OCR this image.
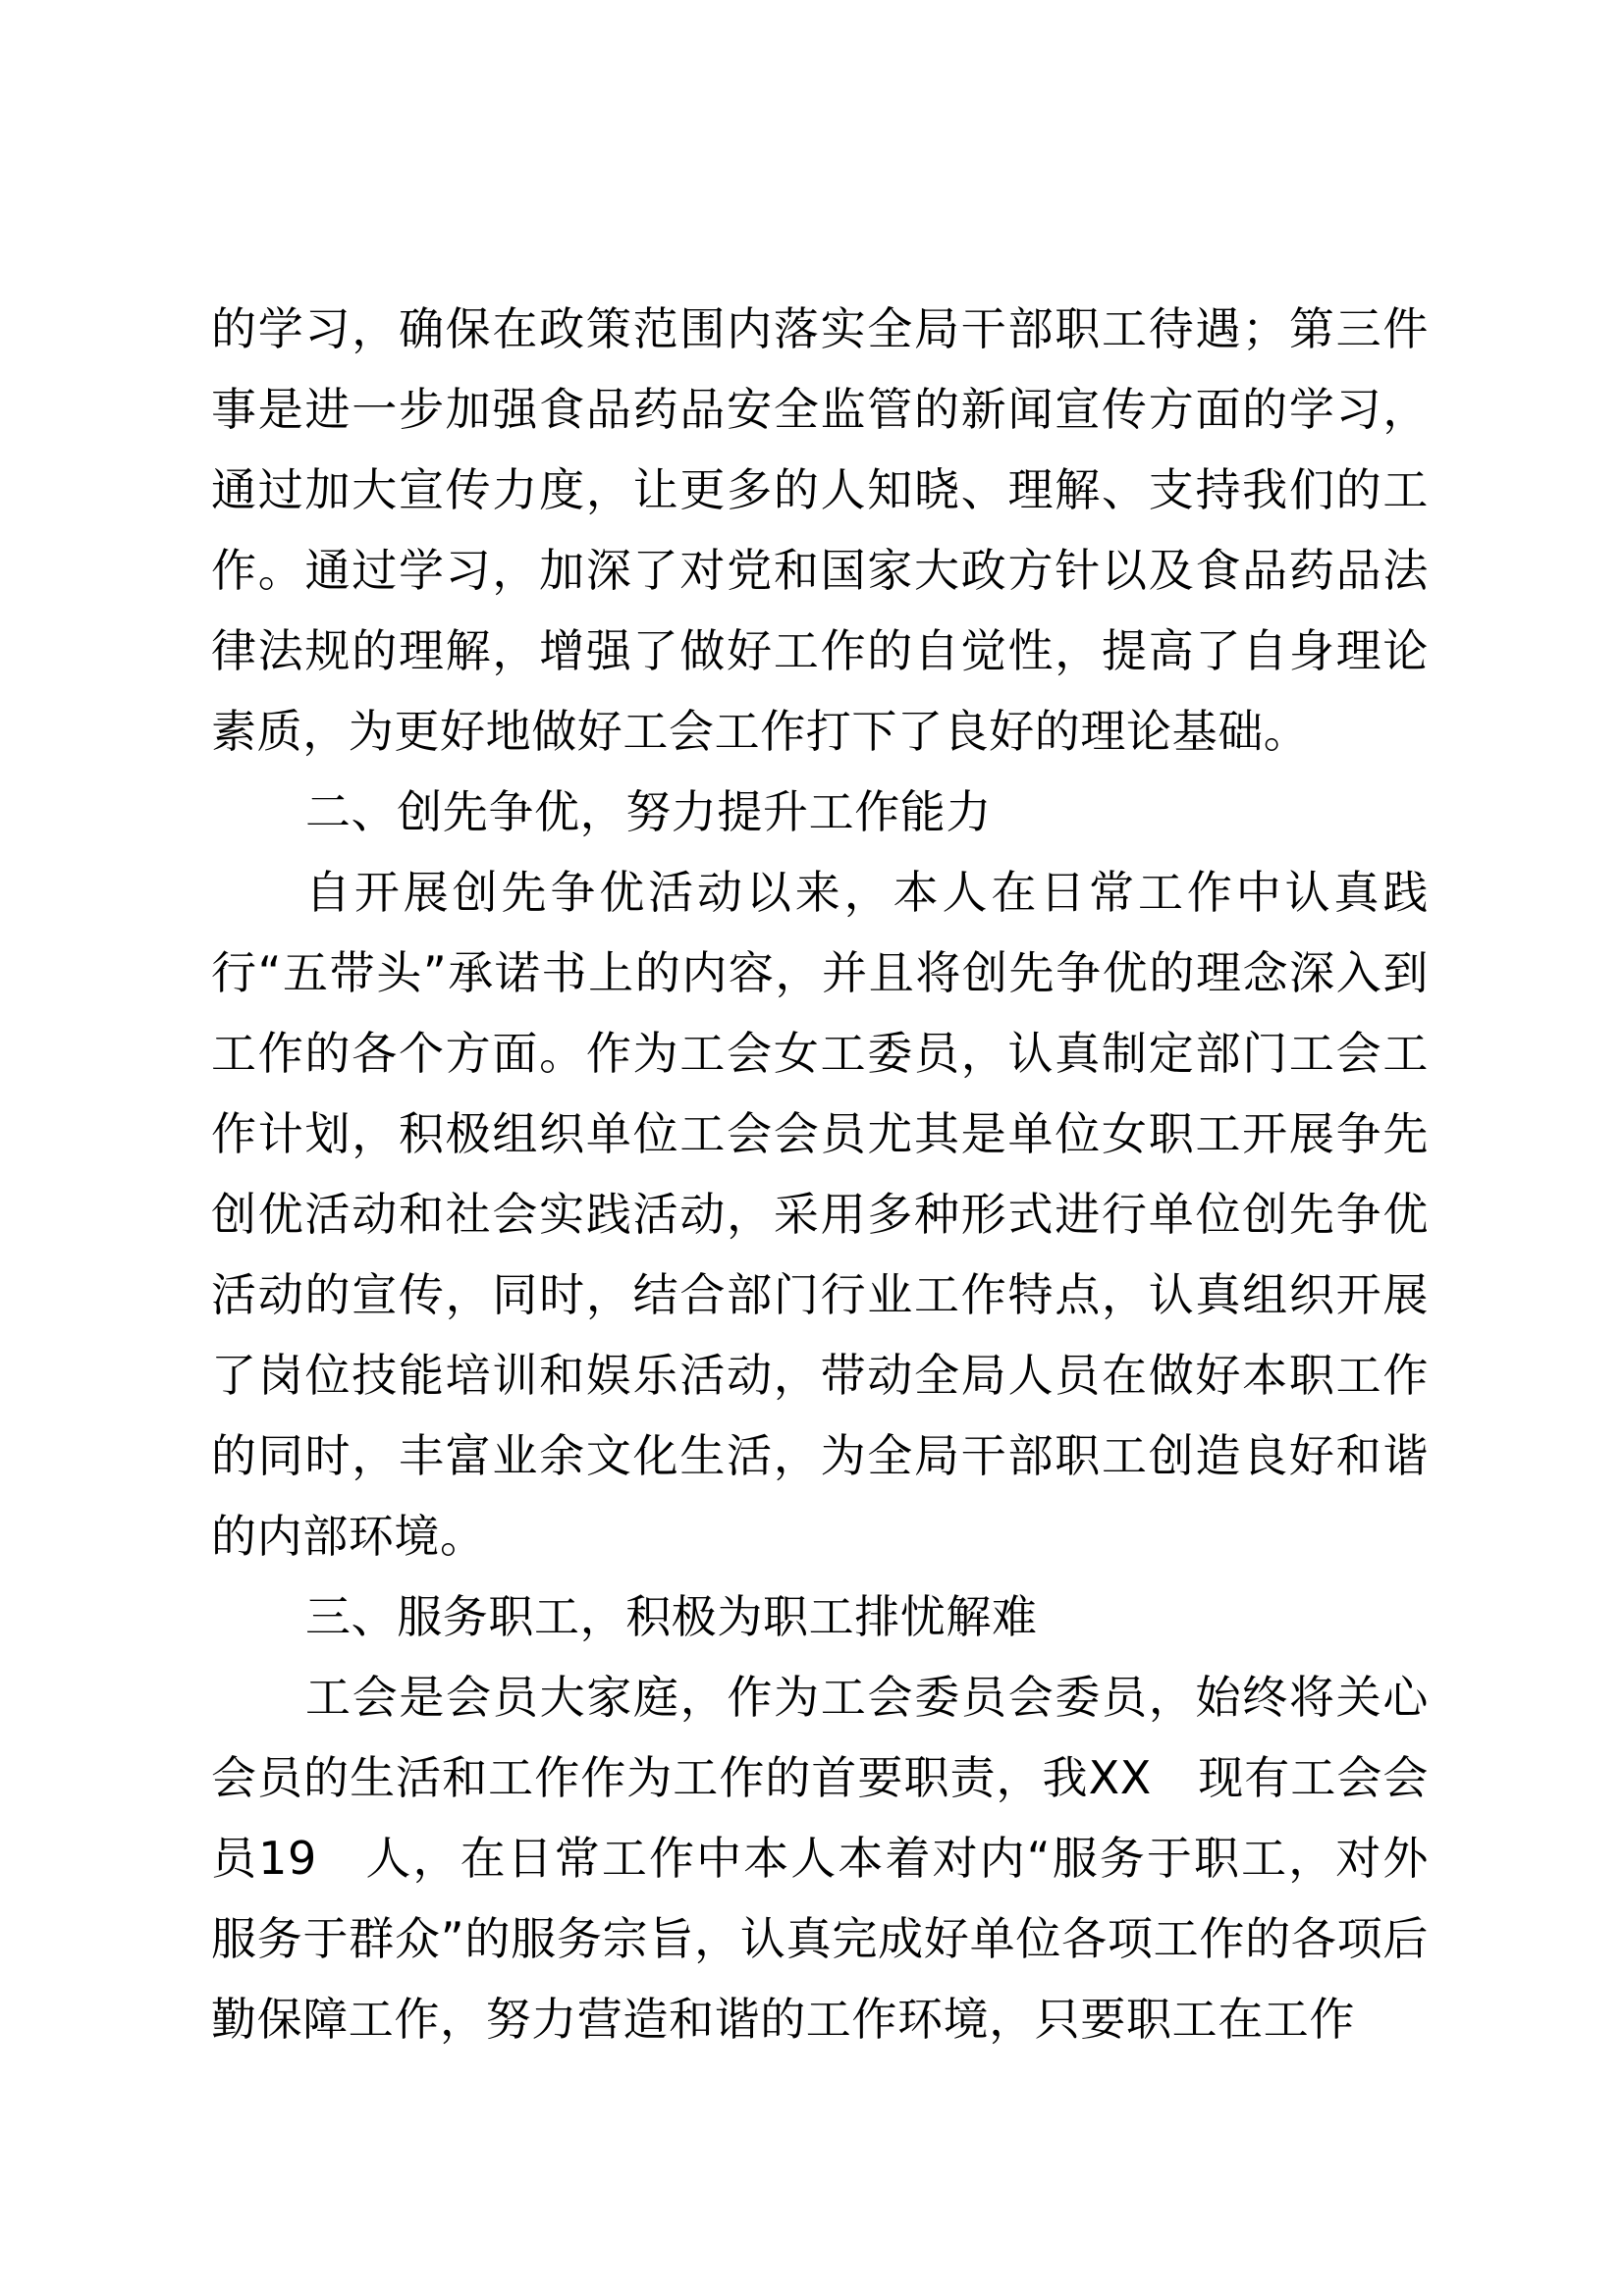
的学习，确保在政策范围内落实全局干部职工待遇；第三件事是进一步加强食品药品安全监管的新闻宣传方面的学习，通过加大宣传力度，让更多的人知晓、理解、支持我们的工作。通过学习，加深了对党和国家大政方针以及食品药品法律法规的理解，增强了做好工作的自觉性，提高了自身理论素质，为更好地做好工会工作打下了良好的理论基础。

二、创先争优，努力提升工作能力

自开展创先争优活动以来，本人在日常工作中认真践行“五带头”承诺书上的内容，并且将创先争优的理念深入到工作的各个方面。作为工会女工委员，认真制定部门工会工作计划，积极组织单位工会会员尤其是单位女职工开展争先创优活动和社会实践活动，采用多种形式进行单位创先争优活动的宣传，同时，结合部门行业工作特点，认真组织开展了岗位技能培训和娱乐活动，带动全局人员在做好本职工作的同时，丰富业余文化生活，为全局干部职工创造良好和谐的内部环境。

三、服务职工，积极为职工排忧解难

工会是会员大家庭，作为工会委员会委员，始终将关心会员的生活和工作作为工作的首要职责，我XX　现有工会会员19　人，在日常工作中本人本着对内“服务于职工，对外服务于群众”的服务宗旨，认真完成好单位各项工作的各项后勤保障工作，努力营造和谐的工作环境，只要职工在工作
